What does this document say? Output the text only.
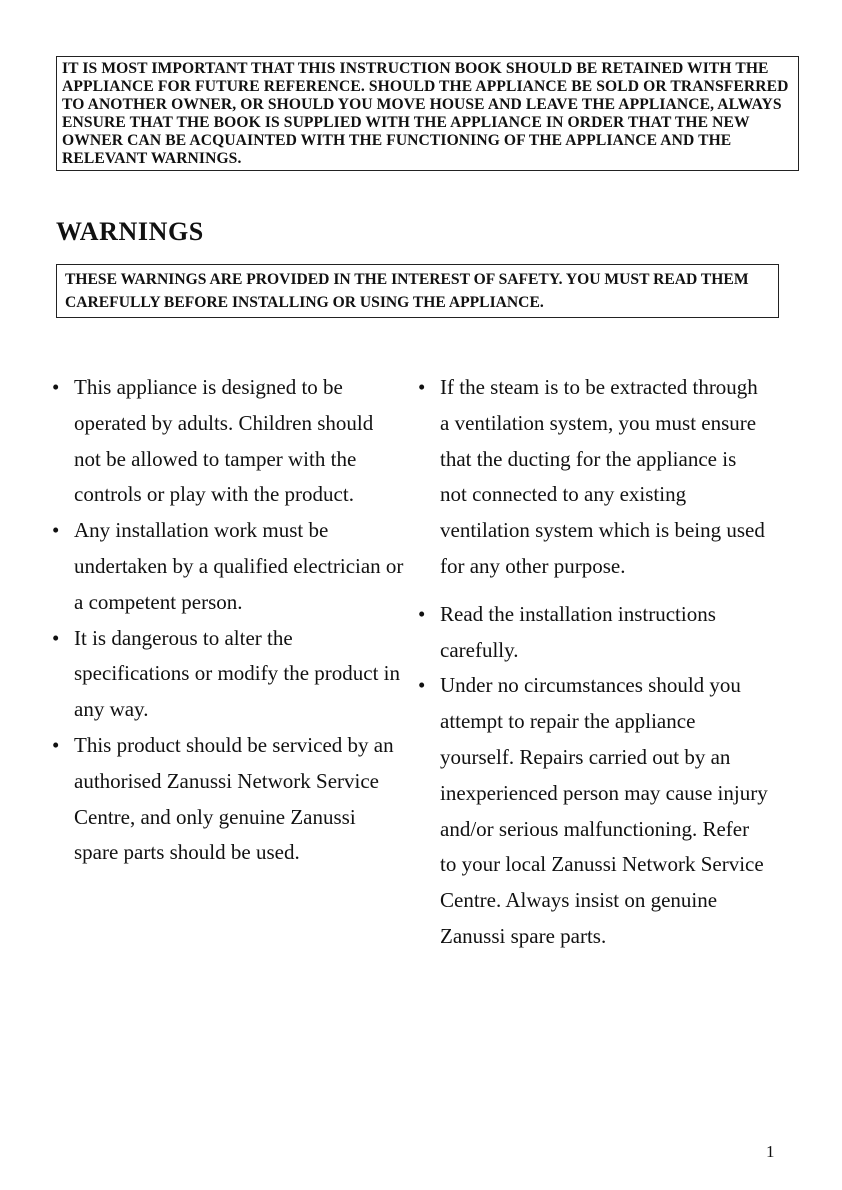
IT IS MOST IMPORTANT THAT THIS INSTRUCTION BOOK SHOULD BE RETAINED WITH THE APPLIANCE FOR FUTURE REFERENCE. SHOULD THE APPLIANCE BE SOLD OR TRANSFERRED TO ANOTHER OWNER, OR SHOULD YOU MOVE HOUSE AND LEAVE THE APPLIANCE, ALWAYS ENSURE THAT THE BOOK IS SUPPLIED WITH THE APPLIANCE IN ORDER THAT THE NEW OWNER CAN BE ACQUAINTED WITH THE FUNCTIONING OF THE APPLIANCE AND THE RELEVANT WARNINGS.
WARNINGS
THESE WARNINGS ARE PROVIDED IN THE INTEREST OF SAFETY. YOU MUST READ THEM CAREFULLY BEFORE INSTALLING OR USING THE APPLIANCE.
• This appliance is designed to be operated by adults. Children should not be allowed to tamper with the controls or play with the product.
• Any installation work must be undertaken by a qualified electrician or a competent person.
• It is dangerous to alter the specifications or modify the product in any way.
• This product should be serviced by an authorised Zanussi Network Service Centre, and only genuine Zanussi spare parts should be used.
• If the steam is to be extracted through a ventilation system, you must ensure that the ducting for the appliance is not connected to any existing ventilation system which is being used for any other purpose.
• Read the installation instructions carefully.
• Under no circumstances should you attempt to repair the appliance yourself. Repairs carried out by an inexperienced person may cause injury and/or serious malfunctioning. Refer to your local Zanussi Network Service Centre. Always insist on genuine Zanussi spare parts.
1
